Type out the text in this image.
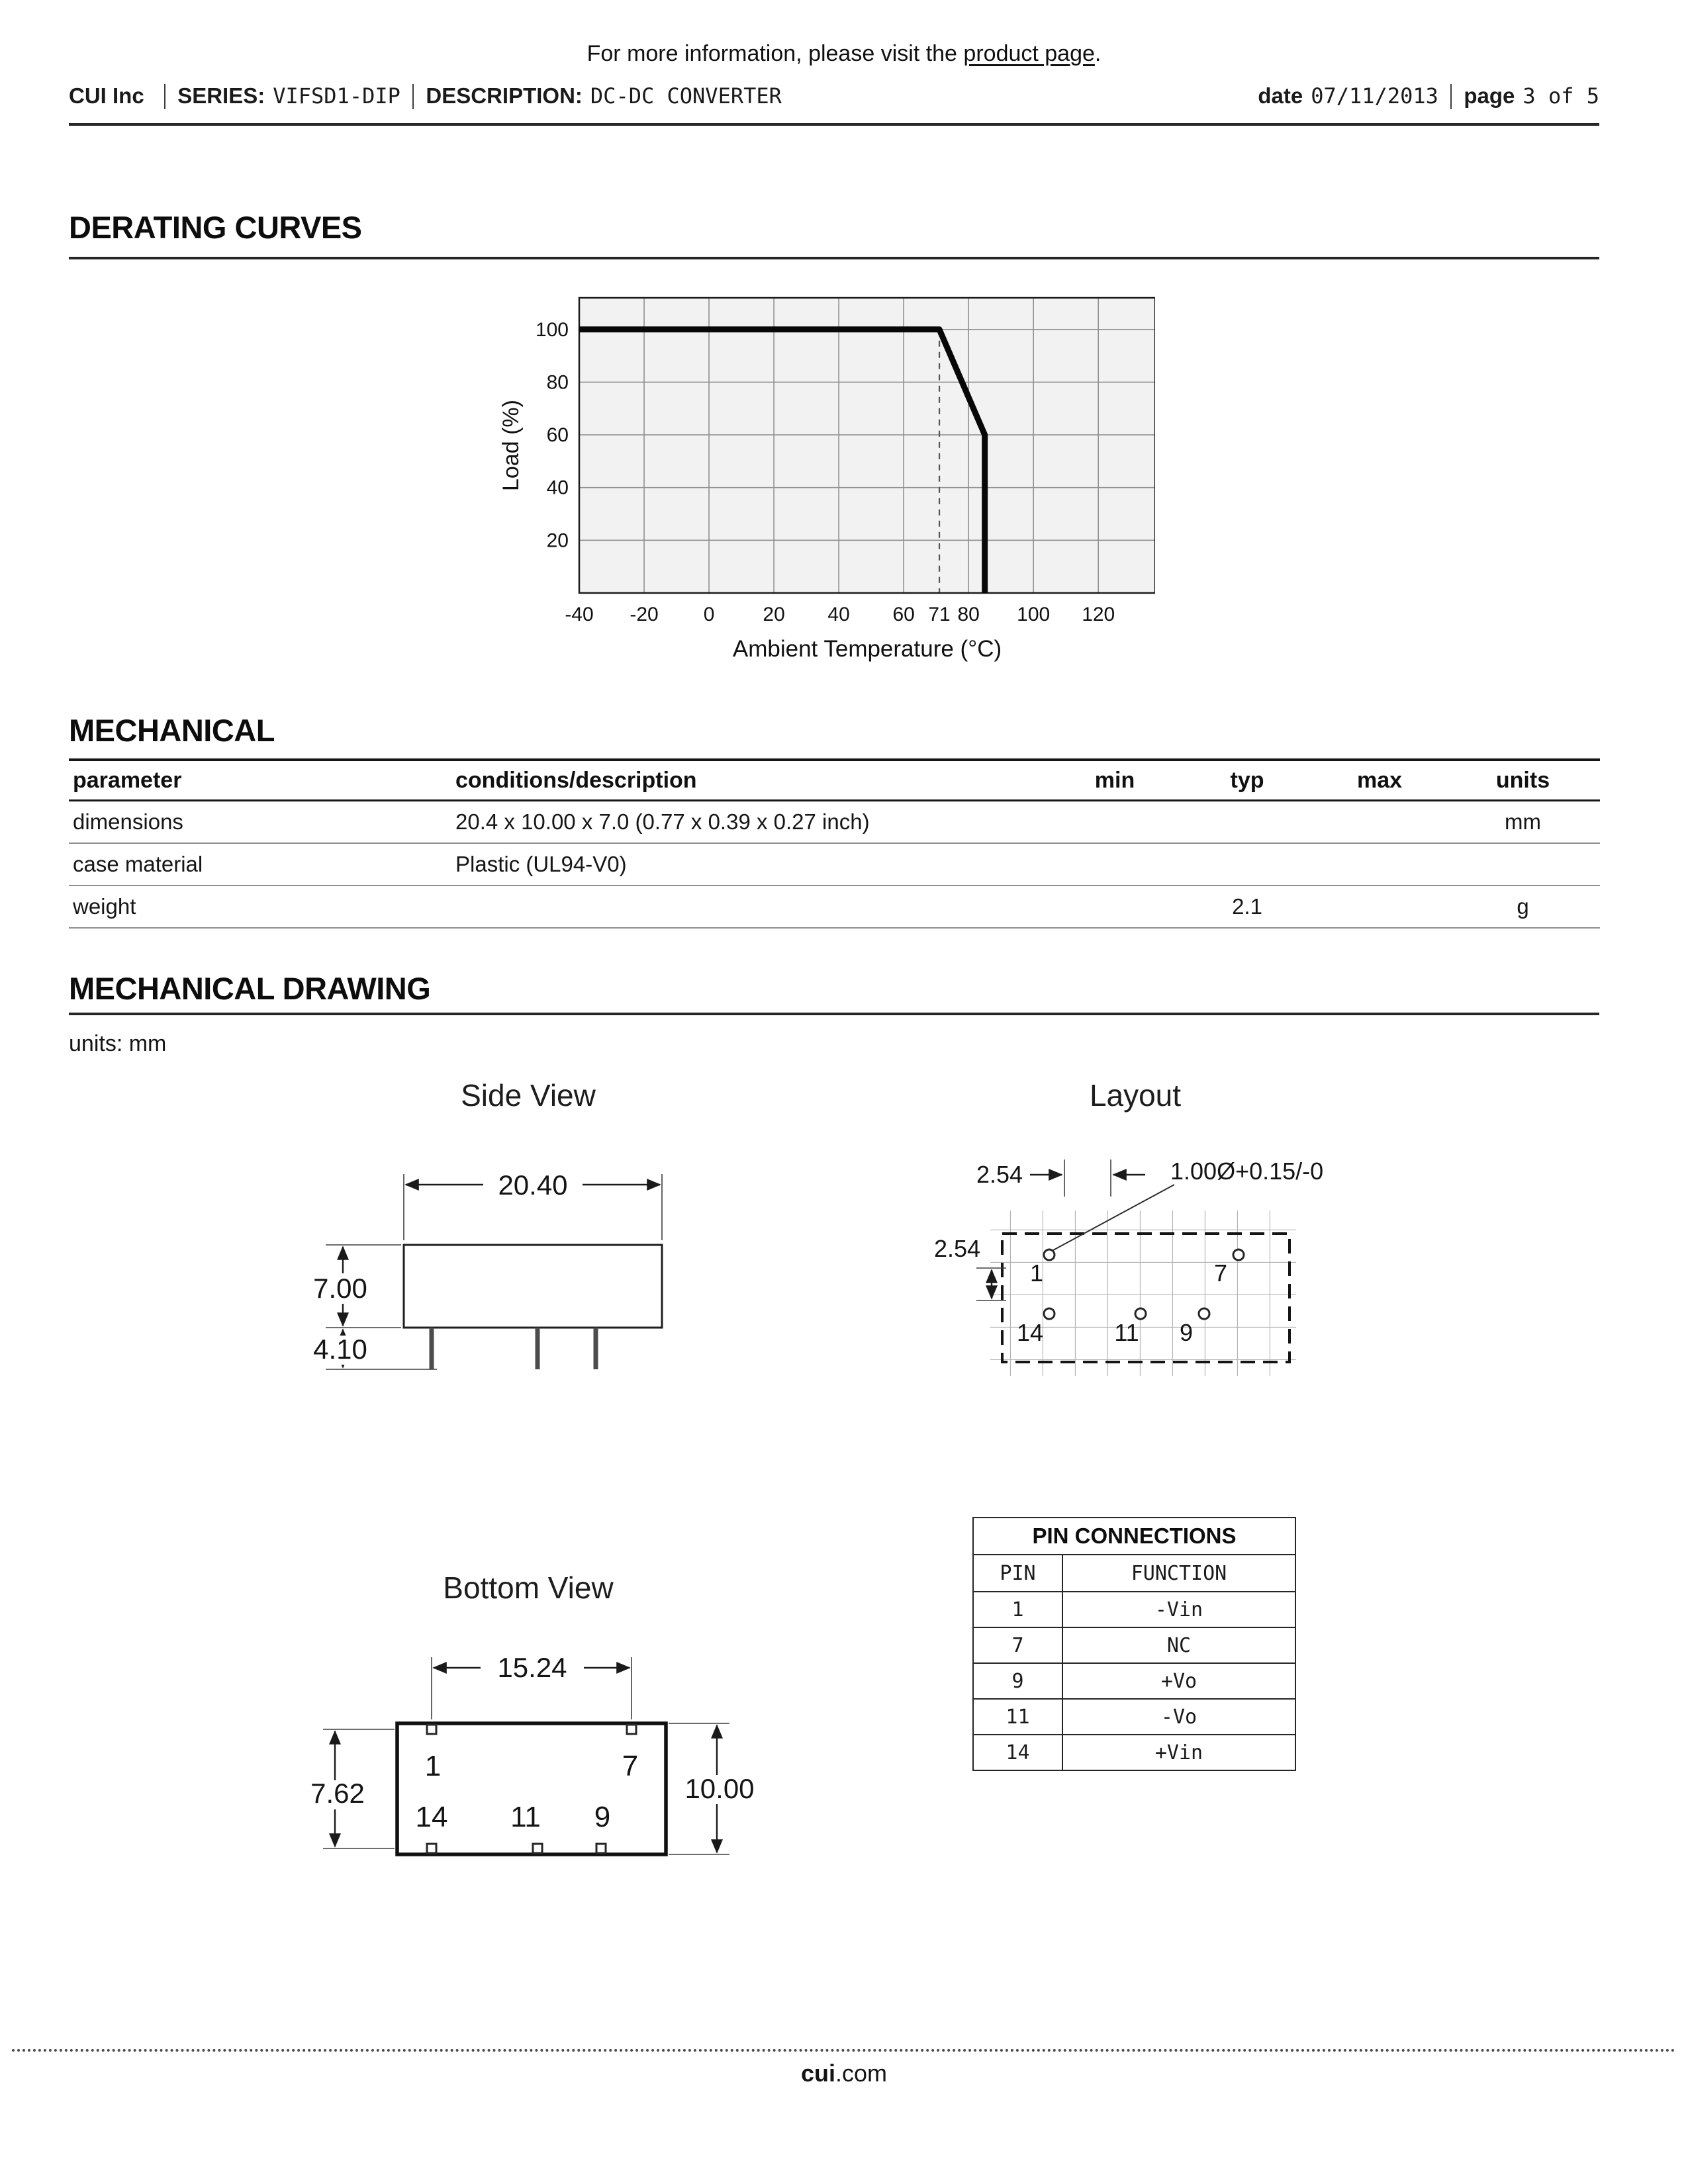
For more information, please visit the product page.
CUI Inc SERIES: VIFSD1-DIP DESCRIPTION: DC-DC CONVERTER	date 07/11/2013 page 3 of 5
DERATING CURVES
-40 -20 0 20 40 60 71 80 100 120
20
40
60
80
100
Ambient Temperature (°C)
Load (%)
MECHANICAL
parameter	conditions/description	min	typ	max	units
dimensions	20.4 x 10.00 x 7.0 (0.77 x 0.39 x 0.27 inch)				mm
case material	Plastic (UL94-V0)				
weight			2.1		g
MECHANICAL DRAWING
units: mm
Side View	Layout
20.40
7.00
4.10
1	7
14	11 9
2.54	1.00Ø+0.15/-0
2.54
Bottom View
15.24
1	7
14 11 9
7.62	10.00
PIN CONNECTIONS	
PIN	FUNCTION
1	-Vin
7	NC
9	+Vo
11	-Vo
14	+Vin
cui.com
